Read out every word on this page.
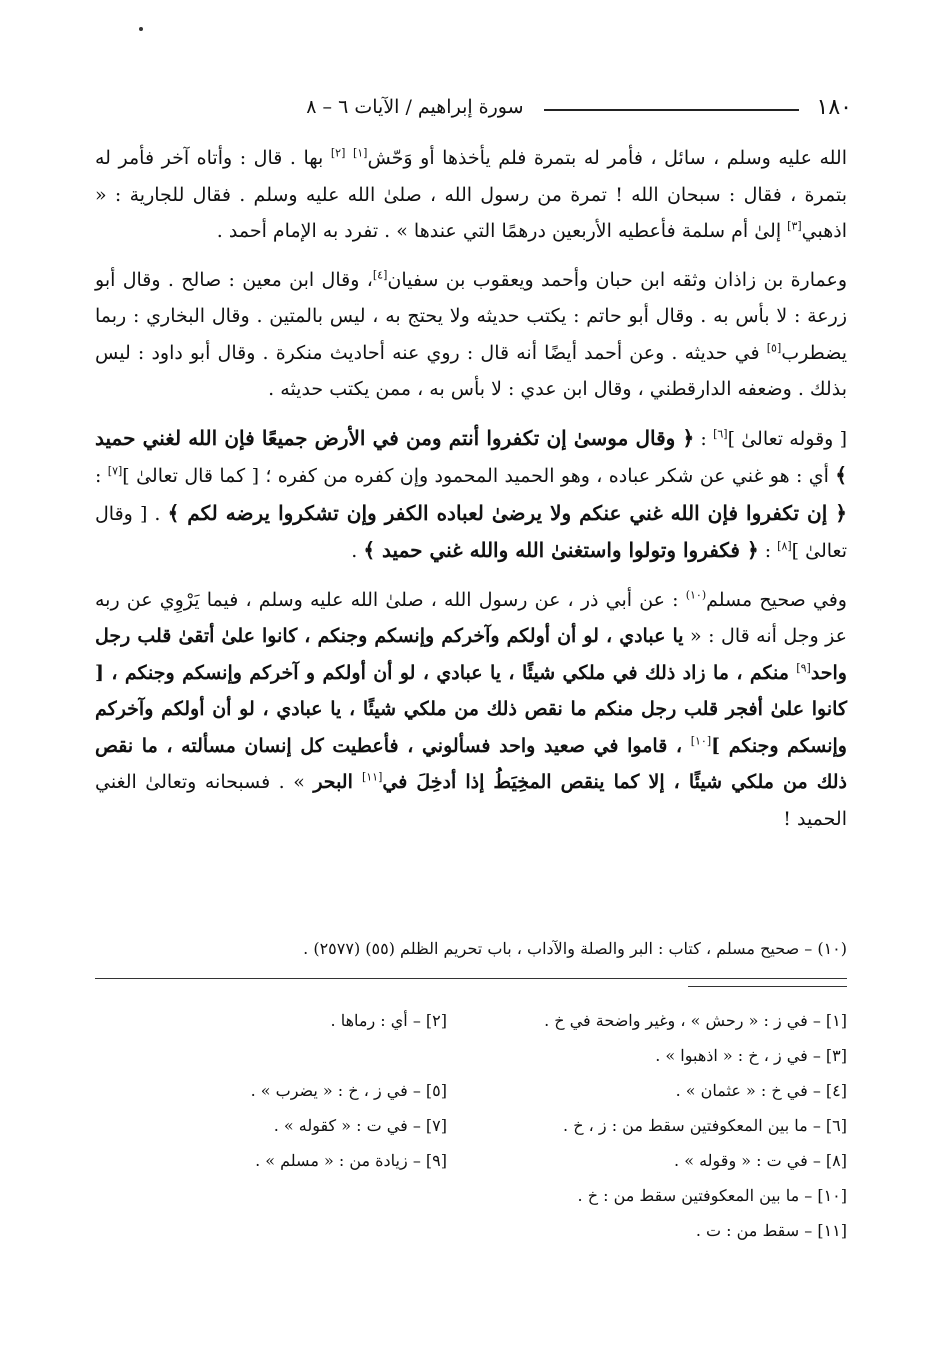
١٨٠
سورة إبراهيم / الآيات ٦ – ٨

الله عليه وسلم ، سائل ، فأمر له بتمرة فلم يأخذها أو وَحّش[١] [٢] بها . قال : وأتاه آخر فأمر له بتمرة ، فقال : سبحان الله ! تمرة من رسول الله ، صلىٰ الله عليه وسلم . فقال للجارية : « اذهبي[٣] إلىٰ أم سلمة فأعطيه الأربعين درهمًا التي عندها » . تفرد به الإمام أحمد .

وعمارة بن زاذان وثقه ابن حبان وأحمد ويعقوب بن سفيان[٤]، وقال ابن معين : صالح . وقال أبو زرعة : لا بأس به . وقال أبو حاتم : يكتب حديثه ولا يحتج به ، ليس بالمتين . وقال البخاري : ربما يضطرب[٥] في حديثه . وعن أحمد أيضًا أنه قال : روي عنه أحاديث منكرة . وقال أبو داود : ليس بذلك . وضعفه الدارقطني ، وقال ابن عدي : لا بأس به ، ممن يكتب حديثه .

[ وقوله تعالىٰ ][٦] : ﴿ وقال موسىٰ إن تكفروا أنتم ومن في الأرض جميعًا فإن الله لغني حميد ﴾ أي : هو غني عن شكر عباده ، وهو الحميد المحمود وإن كفره من كفره ؛ [ كما قال تعالىٰ ][٧] : ﴿ إن تكفروا فإن الله غني عنكم ولا يرضىٰ لعباده الكفر وإن تشكروا يرضه لكم ﴾ . [ وقال تعالىٰ ][٨] : ﴿ فكفروا وتولوا واستغنىٰ الله والله غني حميد ﴾ .

وفي صحيح مسلم$^{(١٠)}$ : عن أبي ذر ، عن رسول الله ، صلىٰ الله عليه وسلم ، فيما يَرْوِي عن ربه عز وجل أنه قال : « يا عبادي ، لو أن أولكم وآخركم وإنسكم وجنكم ، كانوا علىٰ أتقىٰ قلب رجل واحد[٩] منكم ، ما زاد ذلك في ملكي شيئًا ، يا عبادي ، لو أن أولكم و آخركم وإنسكم وجنكم ، [ كانوا علىٰ أفجر قلب رجل منكم ما نقص ذلك من ملكي شيئًا ، يا عبادي ، لو أن أولكم وآخركم وإنسكم وجنكم ][١٠] ، قاموا في صعيد واحد فسألوني ، فأعطيت كل إنسان مسألته ، ما نقص ذلك من ملكي شيئًا ، إلا كما ينقص المخِيَطُ إذا أدخِلَ في[١١] البحر » . فسبحانه وتعالىٰ الغني الحميد !

(١٠) – صحيح مسلم ، كتاب : البر والصلة والآداب ، باب تحريم الظلم (٥٥) (٢٥٧٧) .
[١] – في ز : « رحش » ، وغير واضحة في خ .
[٢] – أي : رماها .
[٣] – في ز ، خ : « اذهبوا » .
[٤] – في خ : « عثمان » .
[٥] – في ز ، خ : « يضرب » .
[٦] – ما بين المعكوفتين سقط من : ز ، خ .
[٧] – في ت : « كقوله » .
[٨] – في ت : « وقوله » .
[٩] – زيادة من : « مسلم » .
[١٠] – ما بين المعكوفتين سقط من : خ .
[١١] – سقط من : ت .
